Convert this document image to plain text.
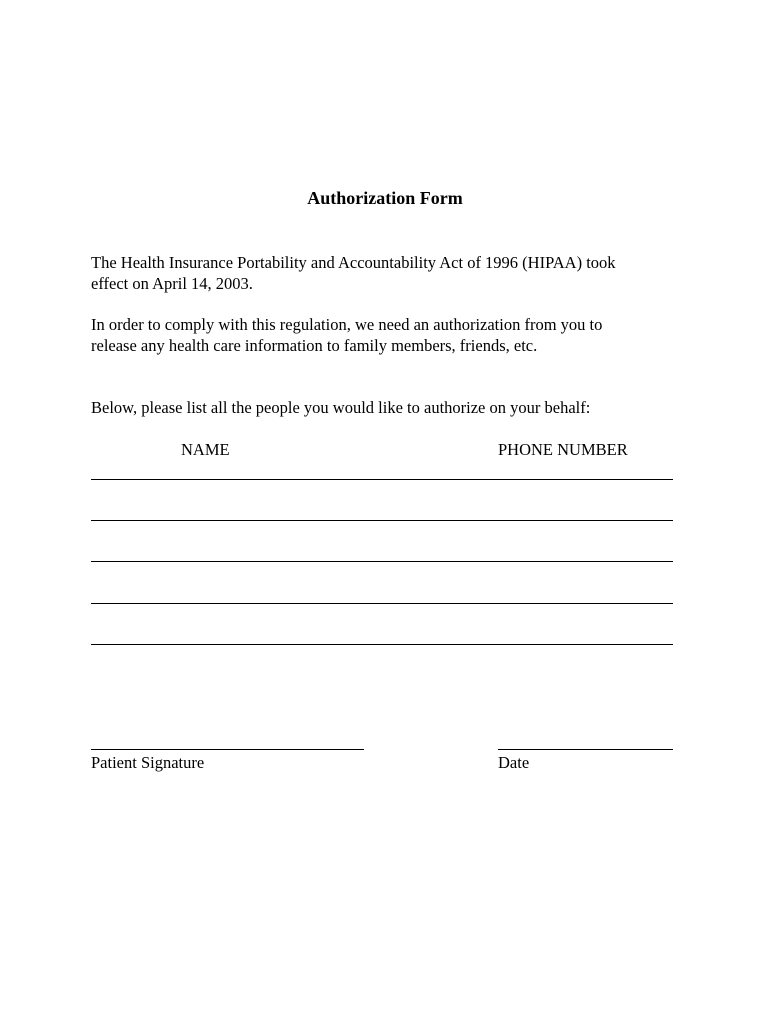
Authorization Form
The Health Insurance Portability and Accountability Act of 1996 (HIPAA) took
effect on April 14, 2003.
In order to comply with this regulation, we need an authorization from you to
release any health care information to family members, friends, etc.
Below, please list all the people you would like to authorize on your behalf:
NAME	PHONE NUMBER
Patient Signature	Date
